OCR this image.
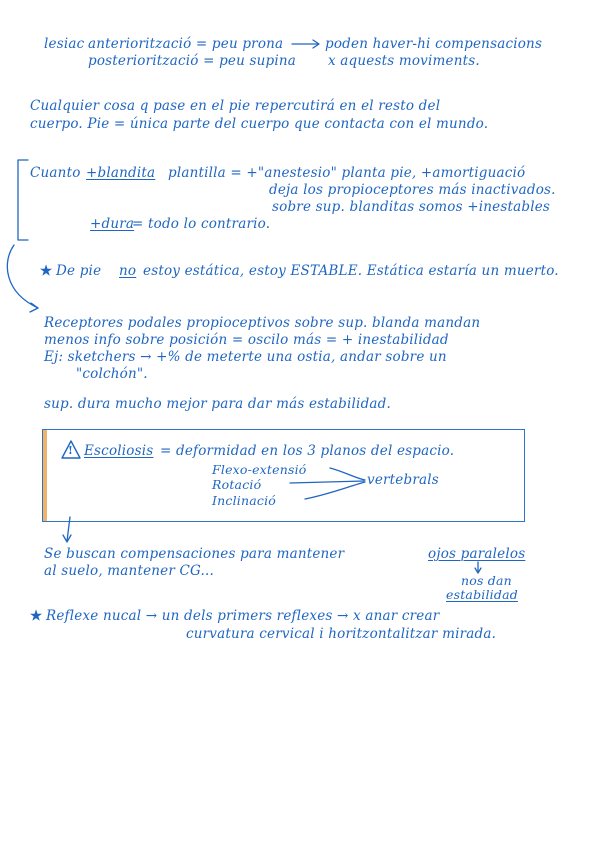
lesiac anteriorització = peu prona	poden haver-hi compensacions
posteriorització = peu supina x aquests moviments.
Cualquier cosa q pase en el pie repercutirá en el resto del
cuerpo. Pie = única parte del cuerpo que contacta con el mundo.
Cuanto +blandita plantilla = +"anestesio" planta pie, +amortiguació
deja los propioceptores más inactivados.
sobre sup. blanditas somos +inestables
+dura
= todo lo contrario.
★ De pie no estoy estática, estoy ESTABLE. Estática estaría un muerto.
Receptores podales propioceptivos sobre sup. blanda mandan
menos info sobre posición = oscilo más = + inestabilidad
Ej: sketchers → +% de meterte una ostia, andar sobre un
"colchón".
sup. dura mucho mejor para dar más estabilidad.
! Escoliosis = deformidad en los 3 planos del espacio.
Flexo-extensió
Rotació
Inclinació
vertebrals
Se buscan compensaciones para mantener	ojos paralelos
al suelo, mantener CG...
nos dan
estabilidad
★ Reflexe nucal → un dels primers reflexes → x anar crear
curvatura cervical i horitzontalitzar mirada.
